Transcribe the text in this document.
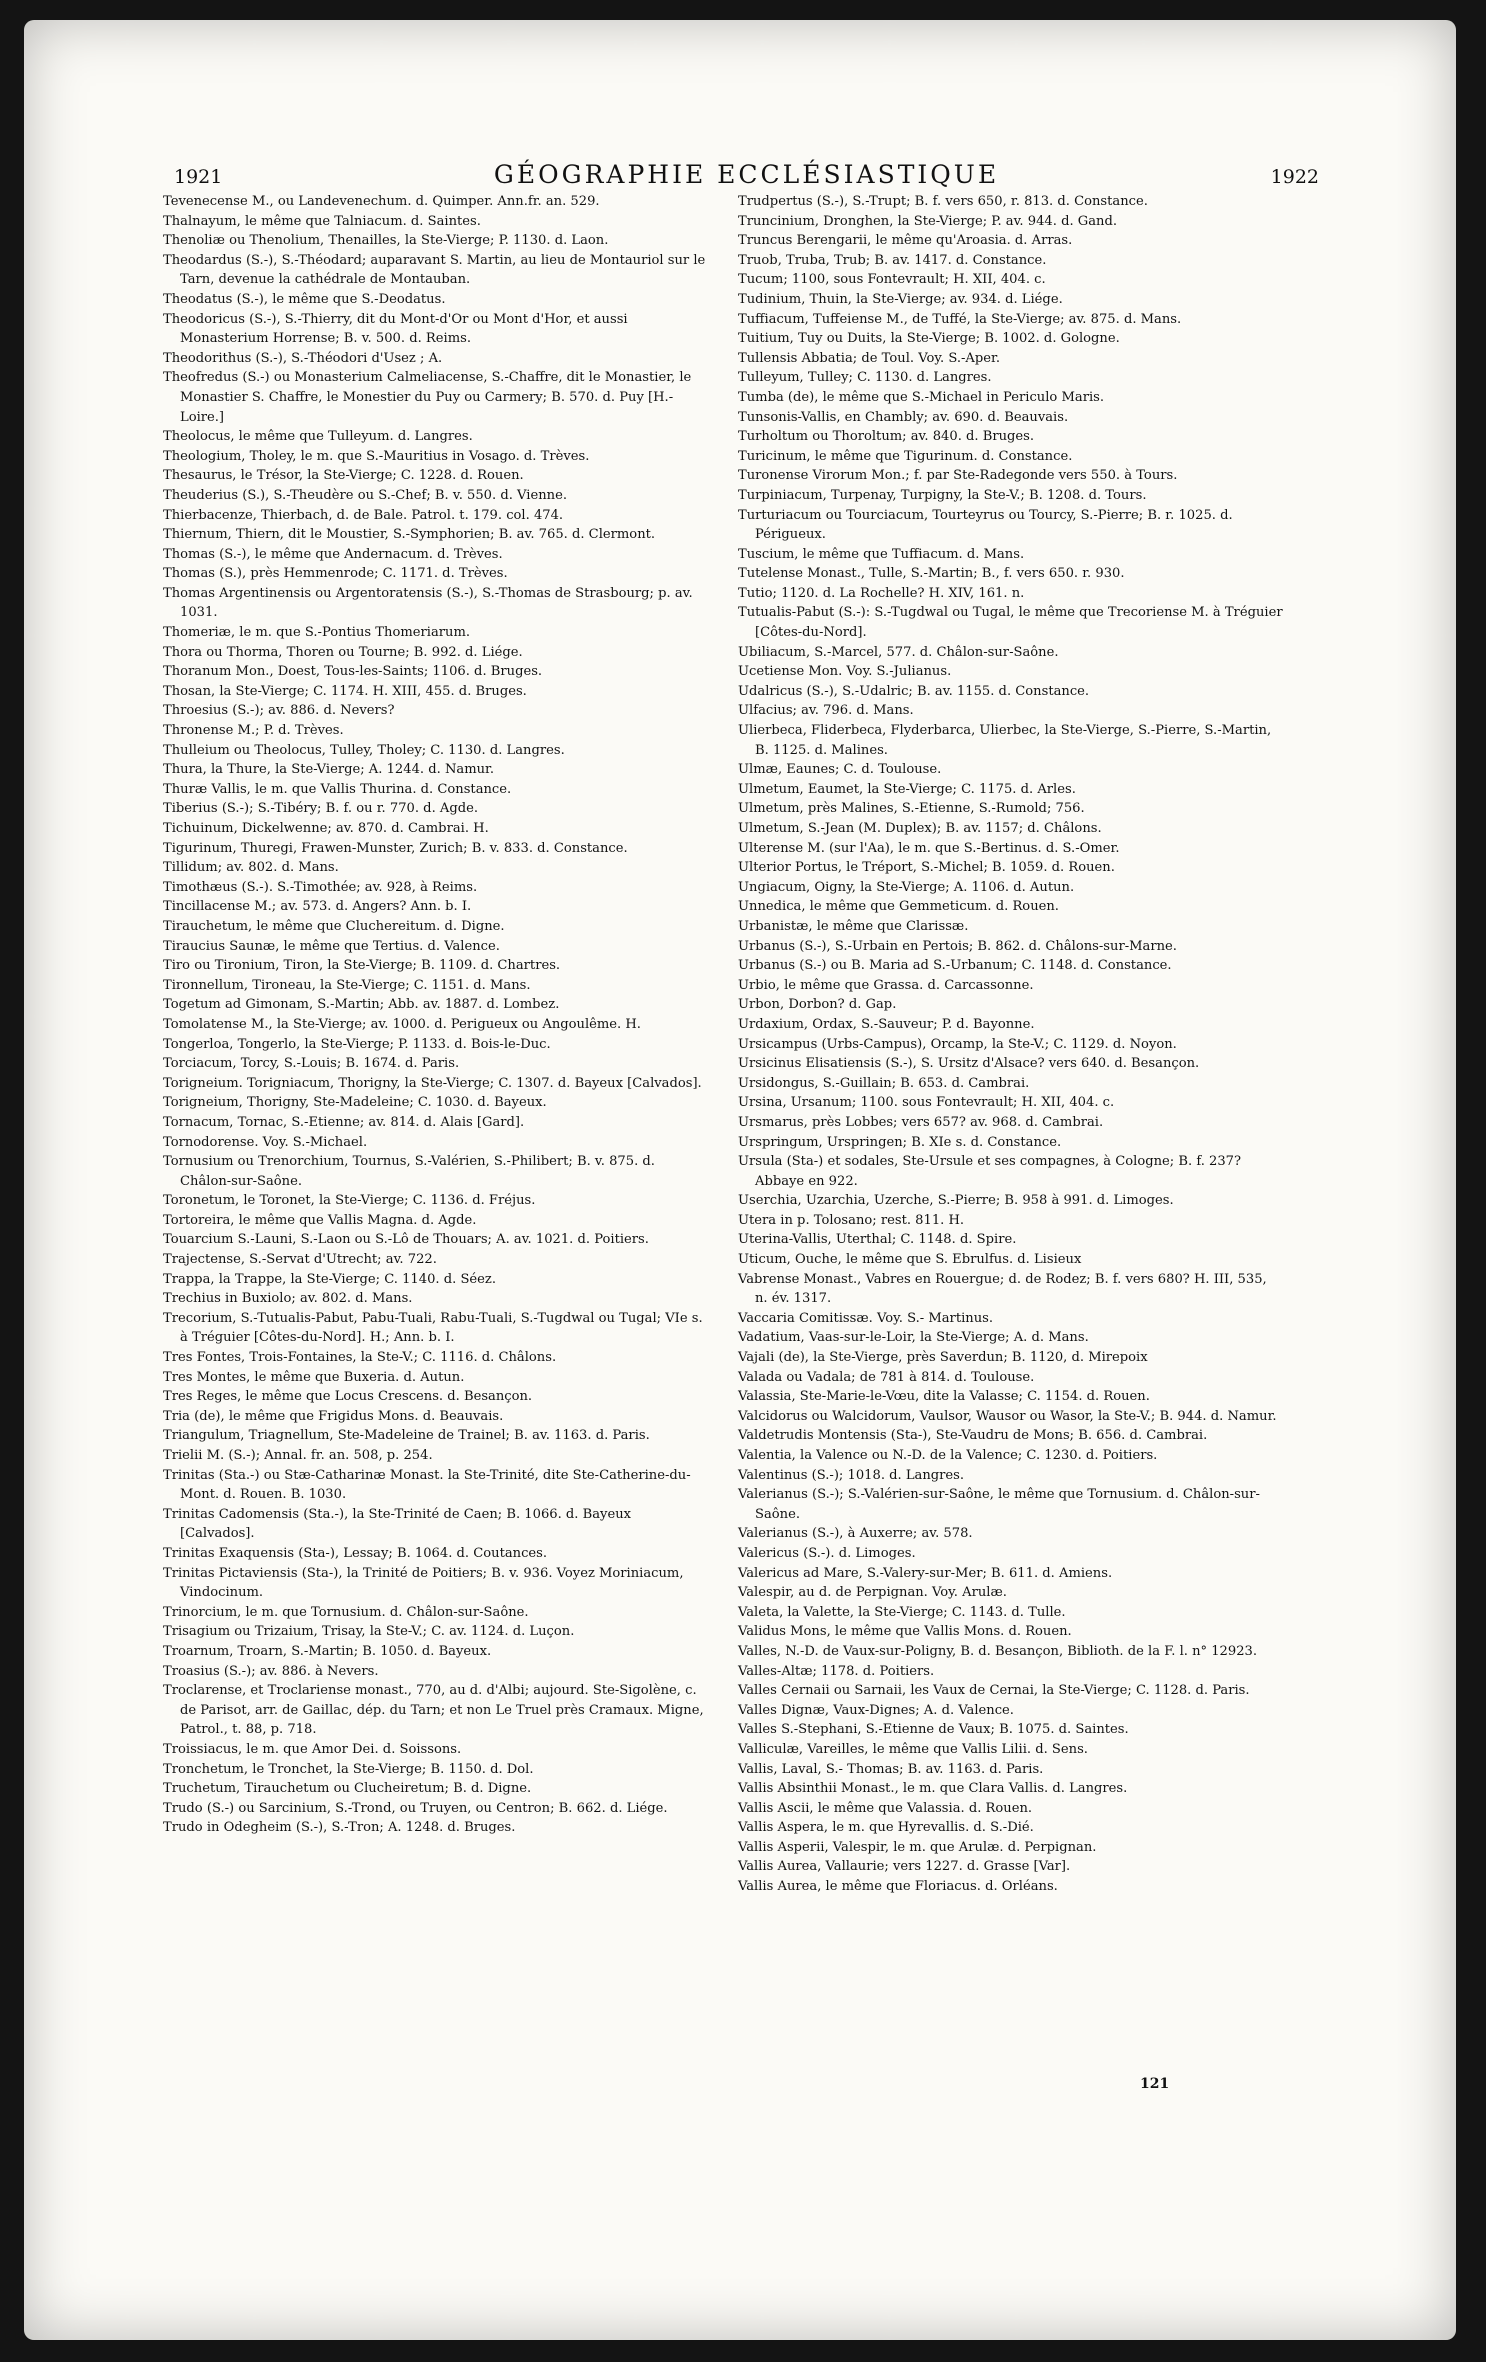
1921	GÉOGRAPHIE ECCLÉSIASTIQUE	1922
Tevenecense M., ou Landevenechum. d. Quimper. Ann.fr. an. 529.
Thalnayum, le même que Talniacum. d. Saintes.
Thenoliæ ou Thenolium, Thenailles, la Ste-Vierge; P. 1130. d. Laon.
Theodardus (S.-), S.-Théodard; auparavant S. Martin, au lieu de Montauriol sur le Tarn, devenue la cathédrale de Montauban.
Theodatus (S.-), le même que S.-Deodatus.
Theodoricus (S.-), S.-Thierry, dit du Mont-d'Or ou Mont d'Hor, et aussi Monasterium Horrense; B. v. 500. d. Reims.
Theodorithus (S.-), S.-Théodori d'Usez ; A.
Theofredus (S.-) ou Monasterium Calmeliacense, S.-Chaffre, dit le Monastier, le Monastier S. Chaffre, le Monestier du Puy ou Carmery; B. 570. d. Puy [H.-Loire.]
Theolocus, le même que Tulleyum. d. Langres.
Theologium, Tholey, le m. que S.-Mauritius in Vosago. d. Trèves.
Thesaurus, le Trésor, la Ste-Vierge; C. 1228. d. Rouen.
Theuderius (S.), S.-Theudère ou S.-Chef; B. v. 550. d. Vienne.
Thierbacenze, Thierbach, d. de Bale. Patrol. t. 179. col. 474.
Thiernum, Thiern, dit le Moustier, S.-Symphorien; B. av. 765. d. Clermont.
Thomas (S.-), le même que Andernacum. d. Trèves.
Thomas (S.), près Hemmenrode; C. 1171. d. Trèves.
Thomas Argentinensis ou Argentoratensis (S.-), S.-Thomas de Strasbourg; p. av. 1031.
Thomeriæ, le m. que S.-Pontius Thomeriarum.
Thora ou Thorma, Thoren ou Tourne; B. 992. d. Liége.
Thoranum Mon., Doest, Tous-les-Saints; 1106. d. Bruges.
Thosan, la Ste-Vierge; C. 1174. H. XIII, 455. d. Bruges.
Throesius (S.-); av. 886. d. Nevers?
Thronense M.; P. d. Trèves.
Thulleium ou Theolocus, Tulley, Tholey; C. 1130. d. Langres.
Thura, la Thure, la Ste-Vierge; A. 1244. d. Namur.
Thuræ Vallis, le m. que Vallis Thurina. d. Constance.
Tiberius (S.-); S.-Tibéry; B. f. ou r. 770. d. Agde.
Tichuinum, Dickelwenne; av. 870. d. Cambrai. H.
Tigurinum, Thuregi, Frawen-Munster, Zurich; B. v. 833. d. Constance.
Tillidum; av. 802. d. Mans.
Timothæus (S.-). S.-Timothée; av. 928, à Reims.
Tincillacense M.; av. 573. d. Angers? Ann. b. I.
Tirauchetum, le même que Cluchereitum. d. Digne.
Tiraucius Saunæ, le même que Tertius. d. Valence.
Tiro ou Tironium, Tiron, la Ste-Vierge; B. 1109. d. Chartres.
Tironnellum, Tironeau, la Ste-Vierge; C. 1151. d. Mans.
Togetum ad Gimonam, S.-Martin; Abb. av. 1887. d. Lombez.
Tomolatense M., la Ste-Vierge; av. 1000. d. Perigueux ou Angoulême. H.
Tongerloa, Tongerlo, la Ste-Vierge; P. 1133. d. Bois-le-Duc.
Torciacum, Torcy, S.-Louis; B. 1674. d. Paris.
Torigneium. Torigniacum, Thorigny, la Ste-Vierge; C. 1307. d. Bayeux [Calvados].
Torigneium, Thorigny, Ste-Madeleine; C. 1030. d. Bayeux.
Tornacum, Tornac, S.-Etienne; av. 814. d. Alais [Gard].
Tornodorense. Voy. S.-Michael.
Tornusium ou Trenorchium, Tournus, S.-Valérien, S.-Philibert; B. v. 875. d. Châlon-sur-Saône.
Toronetum, le Toronet, la Ste-Vierge; C. 1136. d. Fréjus.
Tortoreira, le même que Vallis Magna. d. Agde.
Touarcium S.-Launi, S.-Laon ou S.-Lô de Thouars; A. av. 1021. d. Poitiers.
Trajectense, S.-Servat d'Utrecht; av. 722.
Trappa, la Trappe, la Ste-Vierge; C. 1140. d. Séez.
Trechius in Buxiolo; av. 802. d. Mans.
Trecorium, S.-Tutualis-Pabut, Pabu-Tuali, Rabu-Tuali, S.-Tugdwal ou Tugal; VIe s. à Tréguier [Côtes-du-Nord]. H.; Ann. b. I.
Tres Fontes, Trois-Fontaines, la Ste-V.; C. 1116. d. Châlons.
Tres Montes, le même que Buxeria. d. Autun.
Tres Reges, le même que Locus Crescens. d. Besançon.
Tria (de), le même que Frigidus Mons. d. Beauvais.
Triangulum, Triagnellum, Ste-Madeleine de Trainel; B. av. 1163. d. Paris.
Trielii M. (S.-); Annal. fr. an. 508, p. 254.
Trinitas (Sta.-) ou Stæ-Catharinæ Monast. la Ste-Trinité, dite Ste-Catherine-du-Mont. d. Rouen. B. 1030.
Trinitas Cadomensis (Sta.-), la Ste-Trinité de Caen; B. 1066. d. Bayeux [Calvados].
Trinitas Exaquensis (Sta-), Lessay; B. 1064. d. Coutances.
Trinitas Pictaviensis (Sta-), la Trinité de Poitiers; B. v. 936. Voyez Moriniacum, Vindocinum.
Trinorcium, le m. que Tornusium. d. Châlon-sur-Saône.
Trisagium ou Trizaium, Trisay, la Ste-V.; C. av. 1124. d. Luçon.
Troarnum, Troarn, S.-Martin; B. 1050. d. Bayeux.
Troasius (S.-); av. 886. à Nevers.
Troclarense, et Troclariense monast., 770, au d. d'Albi; aujourd. Ste-Sigolène, c. de Parisot, arr. de Gaillac, dép. du Tarn; et non Le Truel près Cramaux. Migne, Patrol., t. 88, p. 718.
Troissiacus, le m. que Amor Dei. d. Soissons.
Tronchetum, le Tronchet, la Ste-Vierge; B. 1150. d. Dol.
Truchetum, Tirauchetum ou Clucheiretum; B. d. Digne.
Trudo (S.-) ou Sarcinium, S.-Trond, ou Truyen, ou Centron; B. 662. d. Liége.
Trudo in Odegheim (S.-), S.-Tron; A. 1248. d. Bruges.
Trudpertus (S.-), S.-Trupt; B. f. vers 650, r. 813. d. Constance.
Truncinium, Dronghen, la Ste-Vierge; P. av. 944. d. Gand.
Truncus Berengarii, le même qu'Aroasia. d. Arras.
Truob, Truba, Trub; B. av. 1417. d. Constance.
Tucum; 1100, sous Fontevrault; H. XII, 404. c.
Tudinium, Thuin, la Ste-Vierge; av. 934. d. Liége.
Tuffiacum, Tuffeiense M., de Tuffé, la Ste-Vierge; av. 875. d. Mans.
Tuitium, Tuy ou Duits, la Ste-Vierge; B. 1002. d. Gologne.
Tullensis Abbatia; de Toul. Voy. S.-Aper.
Tulleyum, Tulley; C. 1130. d. Langres.
Tumba (de), le même que S.-Michael in Periculo Maris.
Tunsonis-Vallis, en Chambly; av. 690. d. Beauvais.
Turholtum ou Thoroltum; av. 840. d. Bruges.
Turicinum, le même que Tigurinum. d. Constance.
Turonense Virorum Mon.; f. par Ste-Radegonde vers 550. à Tours.
Turpiniacum, Turpenay, Turpigny, la Ste-V.; B. 1208. d. Tours.
Turturiacum ou Tourciacum, Tourteyrus ou Tourcy, S.-Pierre; B. r. 1025. d. Périgueux.
Tuscium, le même que Tuffiacum. d. Mans.
Tutelense Monast., Tulle, S.-Martin; B., f. vers 650. r. 930.
Tutio; 1120. d. La Rochelle? H. XIV, 161. n.
Tutualis-Pabut (S.-): S.-Tugdwal ou Tugal, le même que Trecoriense M. à Tréguier [Côtes-du-Nord].
Ubiliacum, S.-Marcel, 577. d. Châlon-sur-Saône.
Ucetiense Mon. Voy. S.-Julianus.
Udalricus (S.-), S.-Udalric; B. av. 1155. d. Constance.
Ulfacius; av. 796. d. Mans.
Ulierbeca, Fliderbeca, Flyderbarca, Ulierbec, la Ste-Vierge, S.-Pierre, S.-Martin, B. 1125. d. Malines.
Ulmæ, Eaunes; C. d. Toulouse.
Ulmetum, Eaumet, la Ste-Vierge; C. 1175. d. Arles.
Ulmetum, près Malines, S.-Etienne, S.-Rumold; 756.
Ulmetum, S.-Jean (M. Duplex); B. av. 1157; d. Châlons.
Ulterense M. (sur l'Aa), le m. que S.-Bertinus. d. S.-Omer.
Ulterior Portus, le Tréport, S.-Michel; B. 1059. d. Rouen.
Ungiacum, Oigny, la Ste-Vierge; A. 1106. d. Autun.
Unnedica, le même que Gemmeticum. d. Rouen.
Urbanistæ, le même que Clarissæ.
Urbanus (S.-), S.-Urbain en Pertois; B. 862. d. Châlons-sur-Marne.
Urbanus (S.-) ou B. Maria ad S.-Urbanum; C. 1148. d. Constance.
Urbio, le même que Grassa. d. Carcassonne.
Urbon, Dorbon? d. Gap.
Urdaxium, Ordax, S.-Sauveur; P. d. Bayonne.
Ursicampus (Urbs-Campus), Orcamp, la Ste-V.; C. 1129. d. Noyon.
Ursicinus Elisatiensis (S.-), S. Ursitz d'Alsace? vers 640. d. Besançon.
Ursidongus, S.-Guillain; B. 653. d. Cambrai.
Ursina, Ursanum; 1100. sous Fontevrault; H. XII, 404. c.
Ursmarus, près Lobbes; vers 657? av. 968. d. Cambrai.
Urspringum, Urspringen; B. XIe s. d. Constance.
Ursula (Sta-) et sodales, Ste-Ursule et ses compagnes, à Cologne; B. f. 237? Abbaye en 922.
Userchia, Uzarchia, Uzerche, S.-Pierre; B. 958 à 991. d. Limoges.
Utera in p. Tolosano; rest. 811. H.
Uterina-Vallis, Uterthal; C. 1148. d. Spire.
Uticum, Ouche, le même que S. Ebrulfus. d. Lisieux
Vabrense Monast., Vabres en Rouergue; d. de Rodez; B. f. vers 680? H. III, 535, n. év. 1317.
Vaccaria Comitissæ. Voy. S.- Martinus.
Vadatium, Vaas-sur-le-Loir, la Ste-Vierge; A. d. Mans.
Vajali (de), la Ste-Vierge, près Saverdun; B. 1120, d. Mirepoix
Valada ou Vadala; de 781 à 814. d. Toulouse.
Valassia, Ste-Marie-le-Vœu, dite la Valasse; C. 1154. d. Rouen.
Valcidorus ou Walcidorum, Vaulsor, Wausor ou Wasor, la Ste-V.; B. 944. d. Namur.
Valdetrudis Montensis (Sta-), Ste-Vaudru de Mons; B. 656. d. Cambrai.
Valentia, la Valence ou N.-D. de la Valence; C. 1230. d. Poitiers.
Valentinus (S.-); 1018. d. Langres.
Valerianus (S.-); S.-Valérien-sur-Saône, le même que Tornusium. d. Châlon-sur-Saône.
Valerianus (S.-), à Auxerre; av. 578.
Valericus (S.-). d. Limoges.
Valericus ad Mare, S.-Valery-sur-Mer; B. 611. d. Amiens.
Valespir, au d. de Perpignan. Voy. Arulæ.
Valeta, la Valette, la Ste-Vierge; C. 1143. d. Tulle.
Validus Mons, le même que Vallis Mons. d. Rouen.
Valles, N.-D. de Vaux-sur-Poligny, B. d. Besançon, Biblioth. de la F. l. n° 12923.
Valles-Altæ; 1178. d. Poitiers.
Valles Cernaii ou Sarnaii, les Vaux de Cernai, la Ste-Vierge; C. 1128. d. Paris.
Valles Dignæ, Vaux-Dignes; A. d. Valence.
Valles S.-Stephani, S.-Etienne de Vaux; B. 1075. d. Saintes.
Valliculæ, Vareilles, le même que Vallis Lilii. d. Sens.
Vallis, Laval, S.- Thomas; B. av. 1163. d. Paris.
Vallis Absinthii Monast., le m. que Clara Vallis. d. Langres.
Vallis Ascii, le même que Valassia. d. Rouen.
Vallis Aspera, le m. que Hyrevallis. d. S.-Dié.
Vallis Asperii, Valespir, le m. que Arulæ. d. Perpignan.
Vallis Aurea, Vallaurie; vers 1227. d. Grasse [Var].
Vallis Aurea, le même que Floriacus. d. Orléans.
121
